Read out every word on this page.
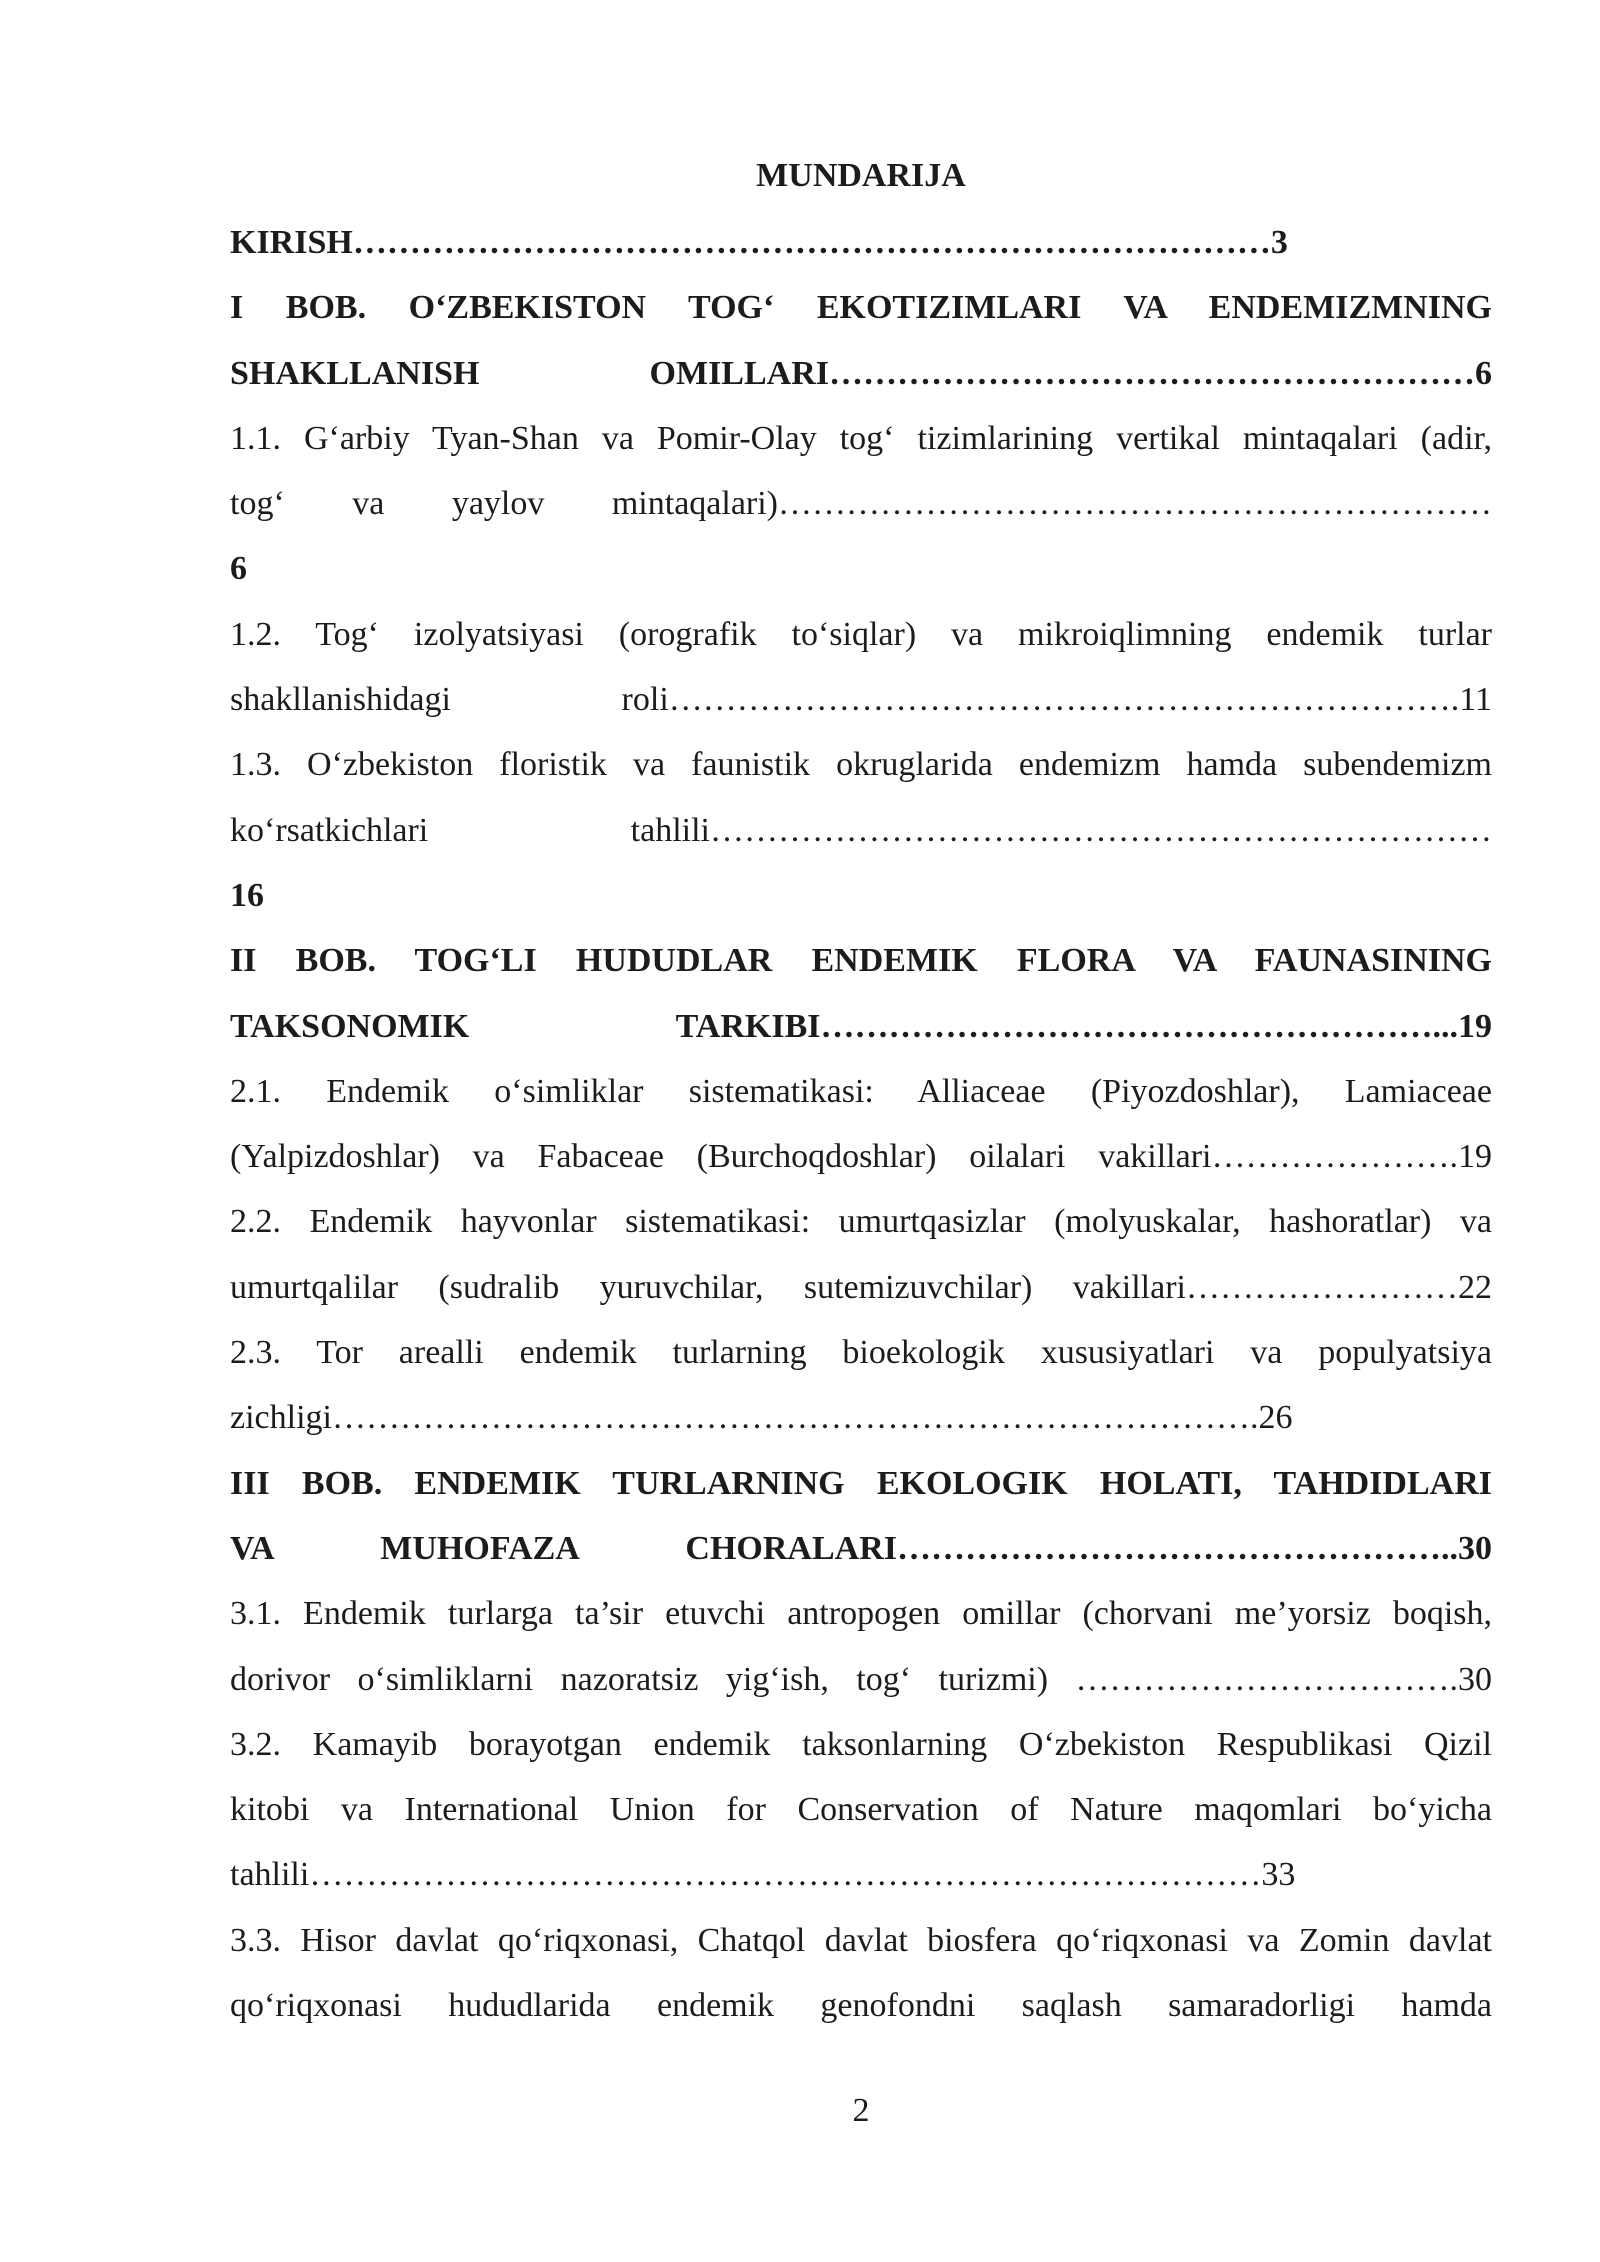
MUNDARIJA
KIRISH………………………………………………………………………3
I BOB. O‘ZBEKISTON TOG‘ EKOTIZIMLARI VA ENDEMIZMNING
SHAKLLANISH OMILLARI…………………………………………………6
1.1. G‘arbiy Tyan-Shan va Pomir-Olay tog‘ tizimlarining vertikal mintaqalari (adir,
tog‘ va yaylov mintaqalari)………………………………………………………
6
1.2. Tog‘ izolyatsiyasi (orografik to‘siqlar) va mikroiqlimning endemik turlar
shakllanishidagi roli…………………………………………………………….11
1.3. O‘zbekiston floristik va faunistik okruglarida endemizm hamda subendemizm
ko‘rsatkichlari tahlili……………………………………………………………
16
II BOB. TOG‘LI HUDUDLAR ENDEMIK FLORA VA FAUNASINING
TAKSONOMIK TARKIBI………………………………………………...19
2.1. Endemik o‘simliklar sistematikasi: Alliaceae (Piyozdoshlar), Lamiaceae
(Yalpizdoshlar) va Fabaceae (Burchoqdoshlar) oilalari vakillari………………….19
2.2. Endemik hayvonlar sistematikasi: umurtqasizlar (molyuskalar, hashoratlar) va
umurtqalilar (sudralib yuruvchilar, sutemizuvchilar) vakillari……………………22
2.3. Tor arealli endemik turlarning bioekologik xususiyatlari va populyatsiya
zichligi……………………………………………………………………….26
III BOB. ENDEMIK TURLARNING EKOLOGIK HOLATI, TAHDIDLARI
VA MUHOFAZA CHORALARI…………………………………………..30
3.1. Endemik turlarga ta’sir etuvchi antropogen omillar (chorvani me’yorsiz boqish,
dorivor o‘simliklarni nazoratsiz yig‘ish, tog‘ turizmi) …………………………….30
3.2. Kamayib borayotgan endemik taksonlarning O‘zbekiston Respublikasi Qizil
kitobi va International Union for Conservation of Nature maqomlari bo‘yicha
tahlili…………………………………………………………………………33
3.3. Hisor davlat qo‘riqxonasi, Chatqol davlat biosfera qo‘riqxonasi va Zomin davlat
qo‘riqxonasi hududlarida endemik genofondni saqlash samaradorligi hamda
2
